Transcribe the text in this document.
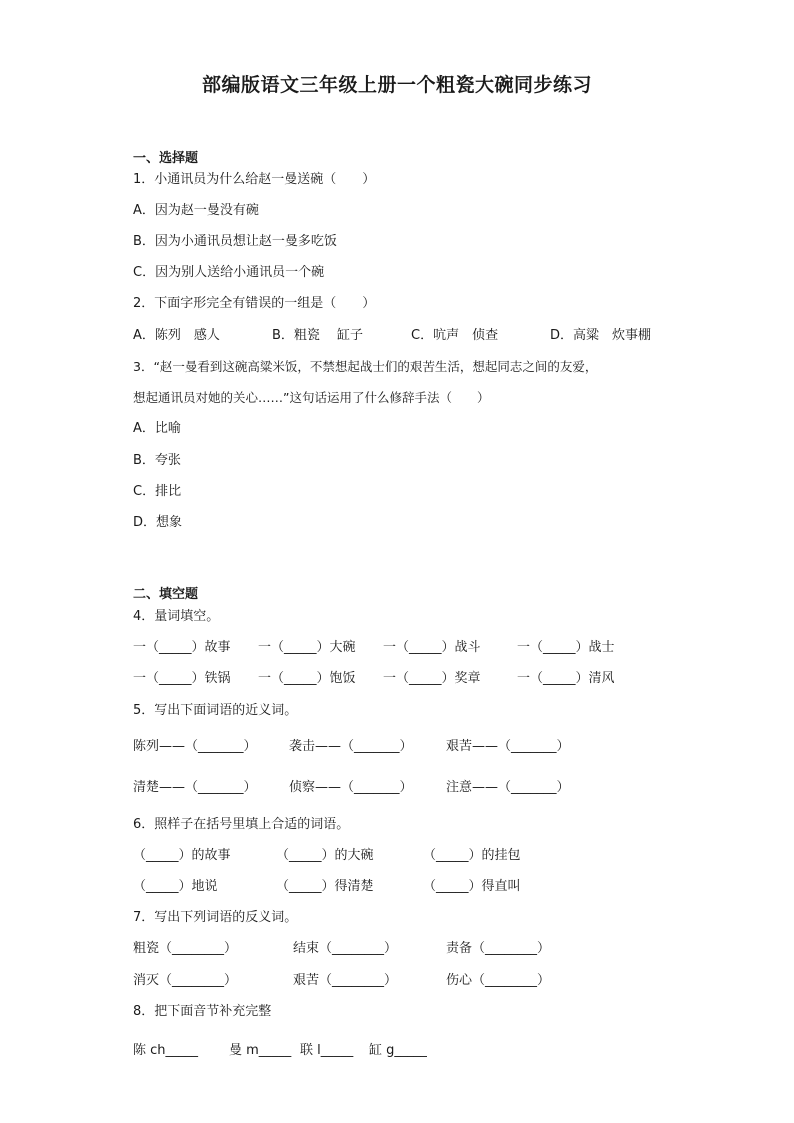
部编版语文三年级上册一个粗瓷大碗同步练习
一、选择题
1．小通讯员为什么给赵一曼送碗（　　）
A．因为赵一曼没有碗
B．因为小通讯员想让赵一曼多吃饭
C．因为别人送给小通讯员一个碗
2．下面字形完全有错误的一组是（　　）
A．陈列　感人	B．粗瓷　 缸子	C．吭声　侦查	D．高粱　炊事棚
3．“赵一曼看到这碗高粱米饭，不禁想起战士们的艰苦生活，想起同志之间的友爱，
想起通讯员对她的关心……”这句话运用了什么修辞手法（　　）
A．比喻
B．夸张
C．排比
D．想象
二、填空题
4．量词填空。
一（_____）故事 一（_____）大碗 一（_____）战斗	一（_____）战士
一（_____）铁锅 一（_____）饱饭 一（_____）奖章	一（_____）清风
5．写出下面词语的近义词。
陈列——（_______） 袭击——（_______）	艰苦——（_______）
清楚——（_______） 侦察——（_______）	注意——（_______）
6．照样子在括号里填上合适的词语。
（_____）的故事	（_____）的大碗	（_____）的挂包
（_____）地说	（_____）得清楚	（_____）得直叫
7．写出下列词语的反义词。
粗瓷（________）	结束（________）	责备（________）
消灭（________）	艰苦（________）	伤心（________）
8．把下面音节补充完整
陈 ch_____ 曼 m_____ 联 l_____ 缸 g_____
